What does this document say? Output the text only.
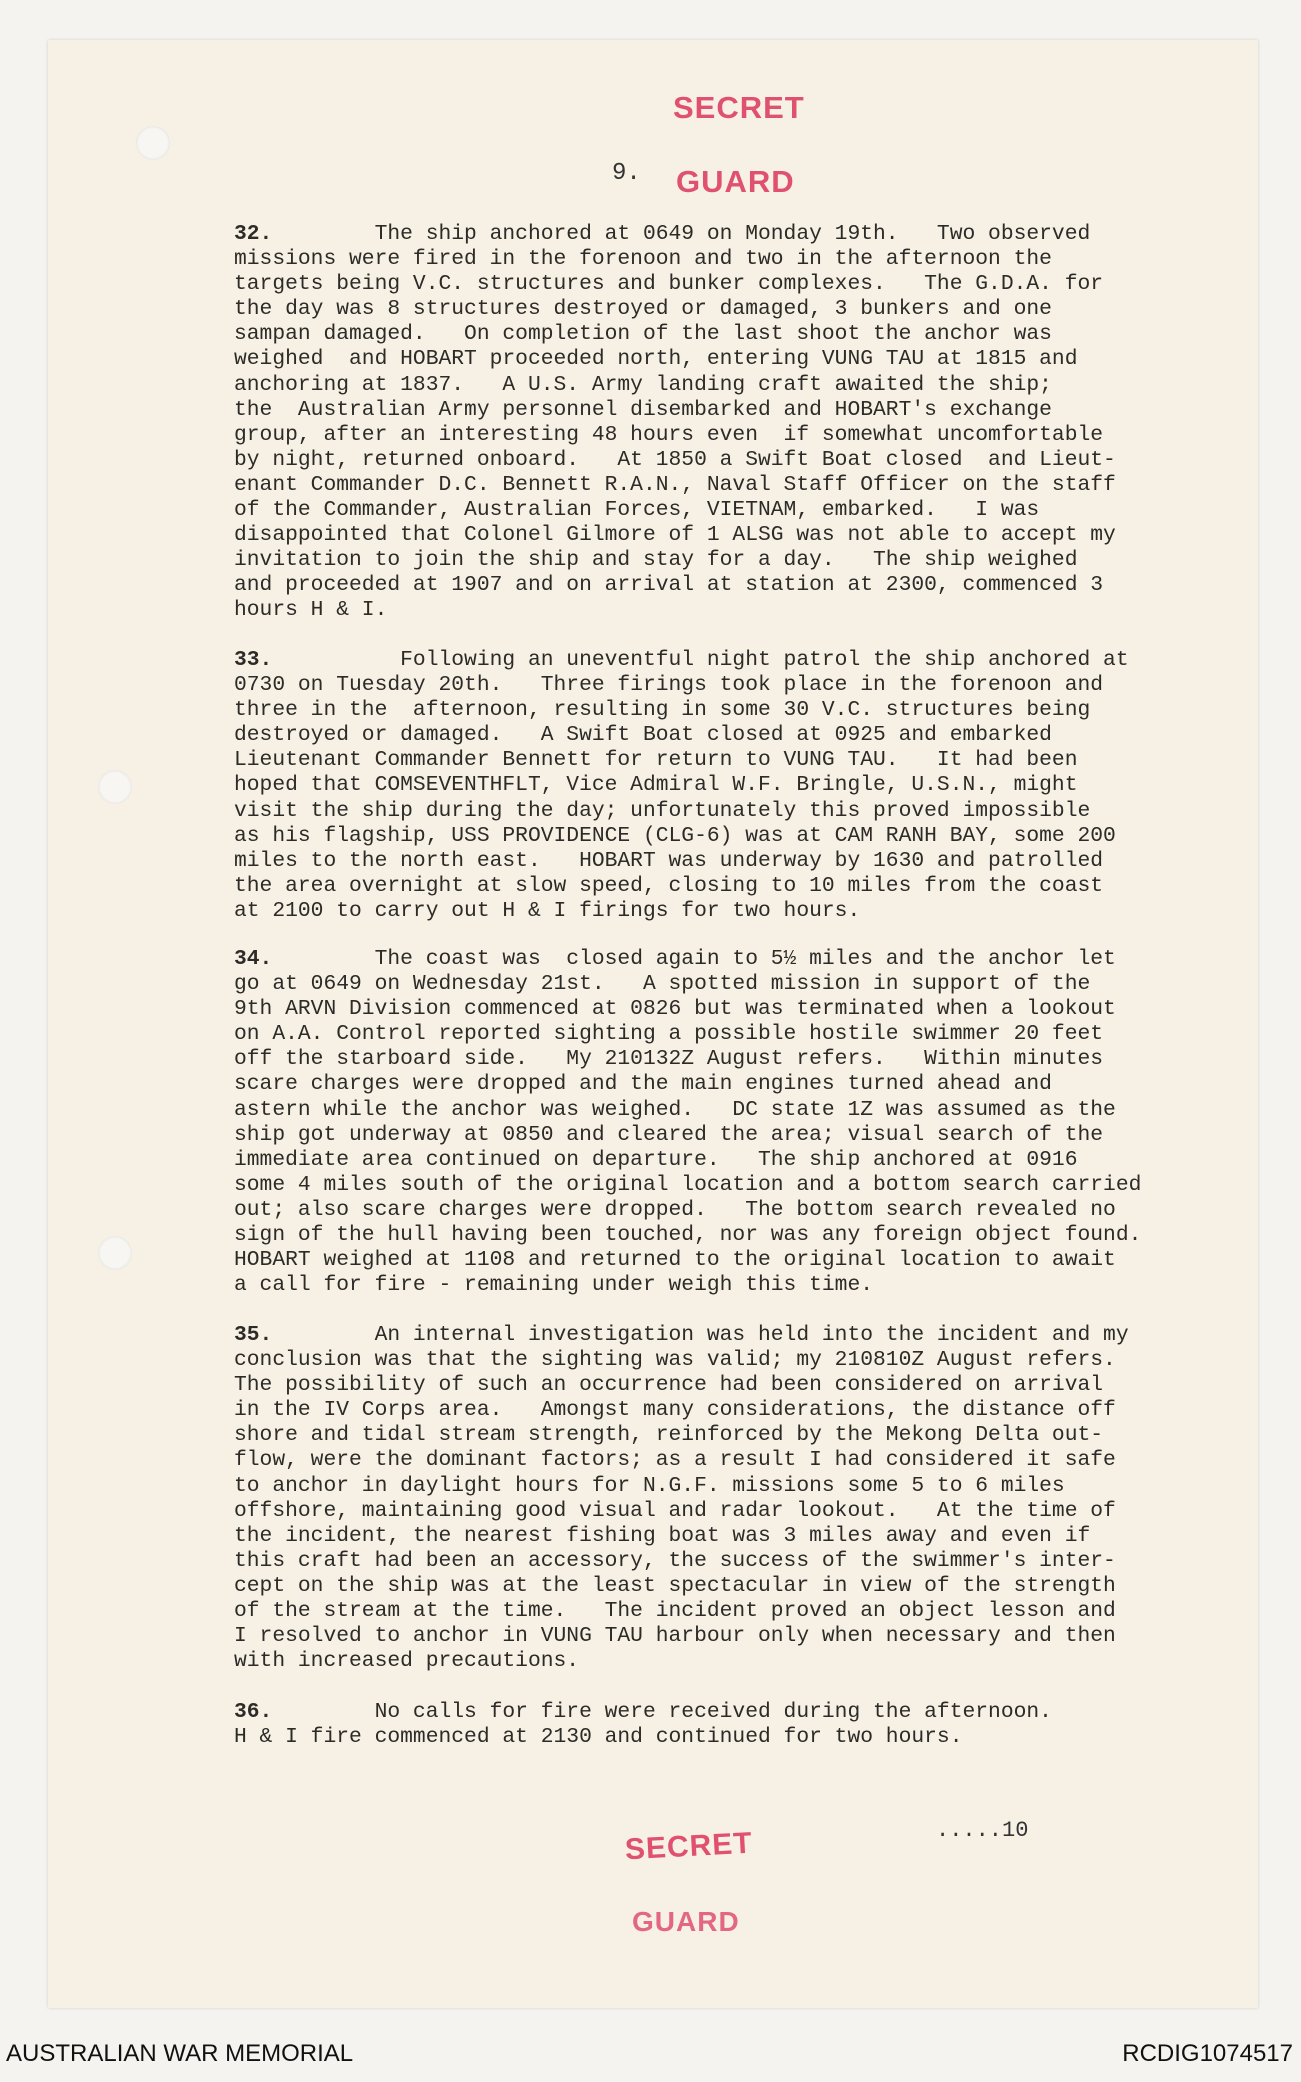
SECRET
9. GUARD
32.        The ship anchored at 0649 on Monday 19th.   Two observed
missions were fired in the forenoon and two in the afternoon the
targets being V.C. structures and bunker complexes.   The G.D.A. for
the day was 8 structures destroyed or damaged, 3 bunkers and one
sampan damaged.   On completion of the last shoot the anchor was
weighed  and HOBART proceeded north, entering VUNG TAU at 1815 and
anchoring at 1837.   A U.S. Army landing craft awaited the ship;
the  Australian Army personnel disembarked and HOBART's exchange
group, after an interesting 48 hours even  if somewhat uncomfortable
by night, returned onboard.   At 1850 a Swift Boat closed  and Lieut-
enant Commander D.C. Bennett R.A.N., Naval Staff Officer on the staff
of the Commander, Australian Forces, VIETNAM, embarked.   I was
disappointed that Colonel Gilmore of 1 ALSG was not able to accept my
invitation to join the ship and stay for a day.   The ship weighed
and proceeded at 1907 and on arrival at station at 2300, commenced 3
hours H & I.
33.          Following an uneventful night patrol the ship anchored at
0730 on Tuesday 20th.   Three firings took place in the forenoon and
three in the  afternoon, resulting in some 30 V.C. structures being
destroyed or damaged.   A Swift Boat closed at 0925 and embarked
Lieutenant Commander Bennett for return to VUNG TAU.   It had been
hoped that COMSEVENTHFLT, Vice Admiral W.F. Bringle, U.S.N., might
visit the ship during the day; unfortunately this proved impossible
as his flagship, USS PROVIDENCE (CLG-6) was at CAM RANH BAY, some 200
miles to the north east.   HOBART was underway by 1630 and patrolled
the area overnight at slow speed, closing to 10 miles from the coast
at 2100 to carry out H & I firings for two hours.
34.        The coast was  closed again to 5½ miles and the anchor let
go at 0649 on Wednesday 21st.   A spotted mission in support of the
9th ARVN Division commenced at 0826 but was terminated when a lookout
on A.A. Control reported sighting a possible hostile swimmer 20 feet
off the starboard side.   My 210132Z August refers.   Within minutes
scare charges were dropped and the main engines turned ahead and
astern while the anchor was weighed.   DC state 1Z was assumed as the
ship got underway at 0850 and cleared the area; visual search of the
immediate area continued on departure.   The ship anchored at 0916
some 4 miles south of the original location and a bottom search carried
out; also scare charges were dropped.   The bottom search revealed no
sign of the hull having been touched, nor was any foreign object found.
HOBART weighed at 1108 and returned to the original location to await
a call for fire - remaining under weigh this time.
35.        An internal investigation was held into the incident and my
conclusion was that the sighting was valid; my 210810Z August refers.
The possibility of such an occurrence had been considered on arrival
in the IV Corps area.   Amongst many considerations, the distance off
shore and tidal stream strength, reinforced by the Mekong Delta out-
flow, were the dominant factors; as a result I had considered it safe
to anchor in daylight hours for N.G.F. missions some 5 to 6 miles
offshore, maintaining good visual and radar lookout.   At the time of
the incident, the nearest fishing boat was 3 miles away and even if
this craft had been an accessory, the success of the swimmer's inter-
cept on the ship was at the least spectacular in view of the strength
of the stream at the time.   The incident proved an object lesson and
I resolved to anchor in VUNG TAU harbour only when necessary and then
with increased precautions.
36.        No calls for fire were received during the afternoon.
H & I fire commenced at 2130 and continued for two hours.
SECRET
GUARD
.....10
AUSTRALIAN WAR MEMORIAL	RCDIG1074517
